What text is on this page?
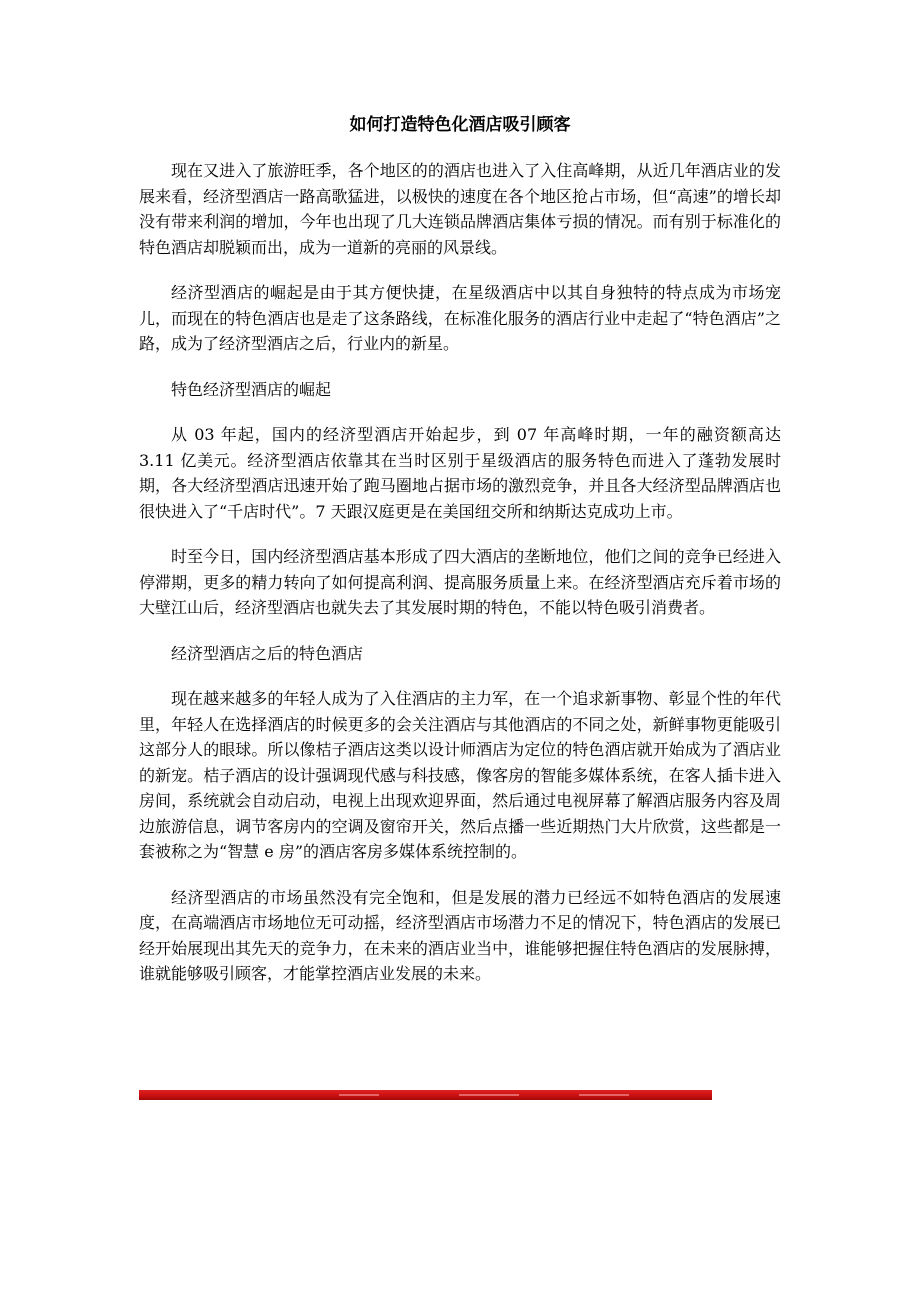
如何打造特色化酒店吸引顾客

现在又进入了旅游旺季，各个地区的的酒店也进入了入住高峰期，从近几年酒店业的发展来看，经济型酒店一路高歌猛进，以极快的速度在各个地区抢占市场，但“高速”的增长却没有带来利润的增加，今年也出现了几大连锁品牌酒店集体亏损的情况。而有别于标准化的特色酒店却脱颖而出，成为一道新的亮丽的风景线。

经济型酒店的崛起是由于其方便快捷，在星级酒店中以其自身独特的特点成为市场宠儿，而现在的特色酒店也是走了这条路线，在标准化服务的酒店行业中走起了“特色酒店”之路，成为了经济型酒店之后，行业内的新星。

特色经济型酒店的崛起

从 03 年起，国内的经济型酒店开始起步，到 07 年高峰时期，一年的融资额高达 3.11 亿美元。经济型酒店依靠其在当时区别于星级酒店的服务特色而进入了蓬勃发展时期，各大经济型酒店迅速开始了跑马圈地占据市场的激烈竞争，并且各大经济型品牌酒店也很快进入了“千店时代”。7 天跟汉庭更是在美国纽交所和纳斯达克成功上市。

时至今日，国内经济型酒店基本形成了四大酒店的垄断地位，他们之间的竞争已经进入停滞期，更多的精力转向了如何提高利润、提高服务质量上来。在经济型酒店充斥着市场的大壁江山后，经济型酒店也就失去了其发展时期的特色，不能以特色吸引消费者。

经济型酒店之后的特色酒店

现在越来越多的年轻人成为了入住酒店的主力军，在一个追求新事物、彰显个性的年代里，年轻人在选择酒店的时候更多的会关注酒店与其他酒店的不同之处，新鲜事物更能吸引这部分人的眼球。所以像桔子酒店这类以设计师酒店为定位的特色酒店就开始成为了酒店业的新宠。桔子酒店的设计强调现代感与科技感，像客房的智能多媒体系统，在客人插卡进入房间，系统就会自动启动，电视上出现欢迎界面，然后通过电视屏幕了解酒店服务内容及周边旅游信息，调节客房内的空调及窗帘开关，然后点播一些近期热门大片欣赏，这些都是一套被称之为“智慧 e 房”的酒店客房多媒体系统控制的。

经济型酒店的市场虽然没有完全饱和，但是发展的潜力已经远不如特色酒店的发展速度，在高端酒店市场地位无可动摇，经济型酒店市场潜力不足的情况下，特色酒店的发展已经开始展现出其先天的竞争力，在未来的酒店业当中，谁能够把握住特色酒店的发展脉搏，谁就能够吸引顾客，才能掌控酒店业发展的未来。
